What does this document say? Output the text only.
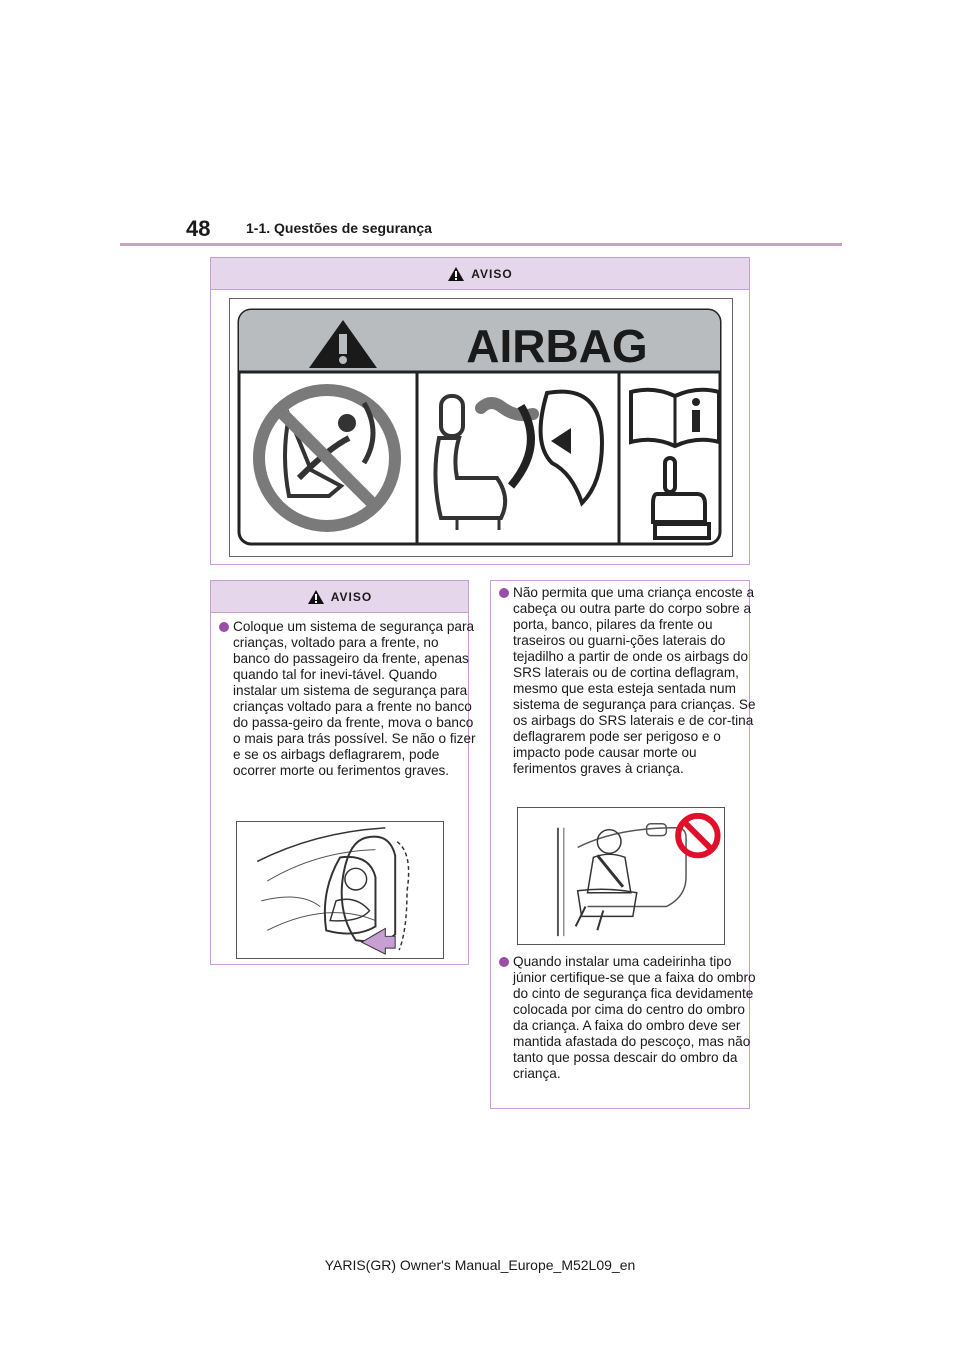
48	1-1. Questões de segurança
AVISO
AIRBAG
AVISO
Coloque um sistema de segurança para crianças, voltado para a frente, no banco do passageiro da frente, apenas quando tal for inevi-tável. Quando instalar um sistema de segurança para crianças voltado para a frente no banco do passa-geiro da frente, mova o banco o mais para trás possível. Se não o fizer e se os airbags deflagrarem, pode ocorrer morte ou ferimentos graves.
Não permita que uma criança encoste a cabeça ou outra parte do corpo sobre a porta, banco, pilares da frente ou traseiros ou guarni-ções laterais do tejadilho a partir de onde os airbags do SRS laterais ou de cortina deflagram, mesmo que esta esteja sentada num sistema de segurança para crianças. Se os airbags do SRS laterais e de cor-tina deflagrarem pode ser perigoso e o impacto pode causar morte ou ferimentos graves à criança.
Quando instalar uma cadeirinha tipo júnior certifique-se que a faixa do ombro do cinto de segurança fica devidamente colocada por cima do centro do ombro da criança. A faixa do ombro deve ser mantida afastada do pescoço, mas não tanto que possa descair do ombro da criança.
YARIS(GR) Owner's Manual_Europe_M52L09_en
